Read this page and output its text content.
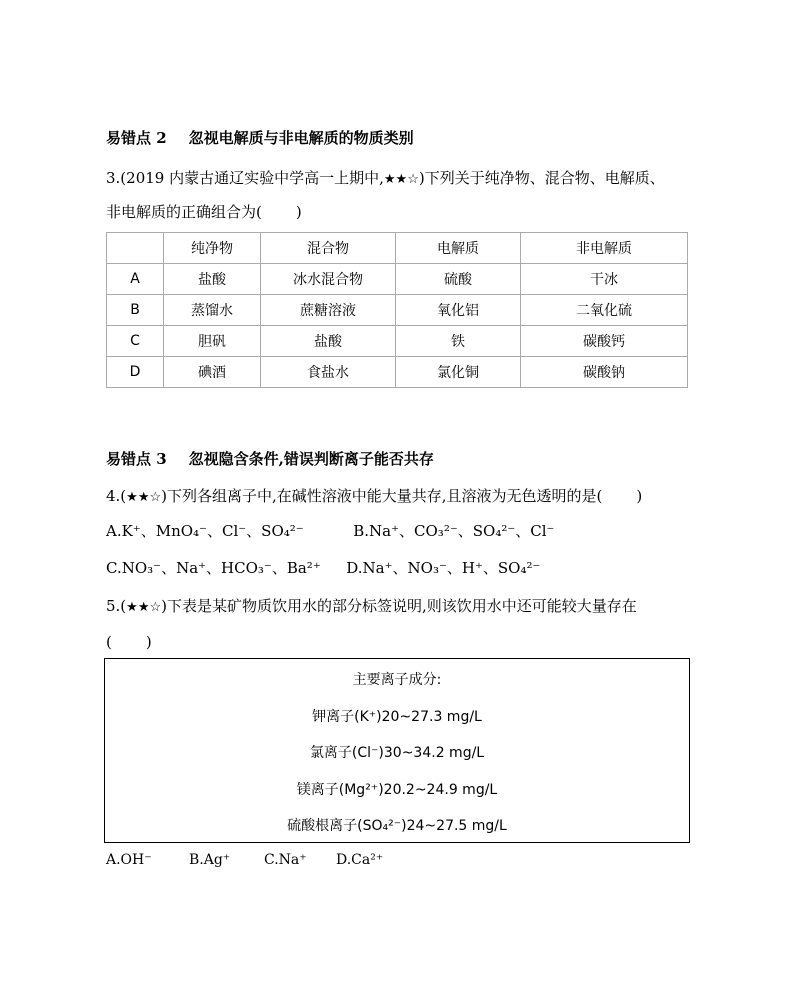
易错点 2 忽视电解质与非电解质的物质类别
3.(2019 内蒙古通辽实验中学高一上期中,★★☆)下列关于纯净物、混合物、电解质、
非电解质的正确组合为( )
	纯净物	混合物	电解质	非电解质
A	盐酸	冰水混合物	硫酸	干冰
B	蒸馏水	蔗糖溶液	氧化铝	二氧化硫
C	胆矾	盐酸	铁	碳酸钙
D	碘酒	食盐水	氯化铜	碳酸钠
易错点 3 忽视隐含条件,错误判断离子能否共存
4.(★★☆)下列各组离子中,在碱性溶液中能大量共存,且溶液为无色透明的是( )
A.K⁺、MnO₄⁻、Cl⁻、SO₄²⁻	B.Na⁺、CO₃²⁻、SO₄²⁻、Cl⁻
C.NO₃⁻、Na⁺、HCO₃⁻、Ba²⁺ D.Na⁺、NO₃⁻、H⁺、SO₄²⁻
5.(★★☆)下表是某矿物质饮用水的部分标签说明,则该饮用水中还可能较大量存在
( )
主要离子成分:
钾离子(K⁺)20~27.3 mg/L
氯离子(Cl⁻)30~34.2 mg/L
镁离子(Mg²⁺)20.2~24.9 mg/L
硫酸根离子(SO₄²⁻)24~27.5 mg/L
A.OH⁻	B.Ag⁺ C.Na⁺ D.Ca²⁺
